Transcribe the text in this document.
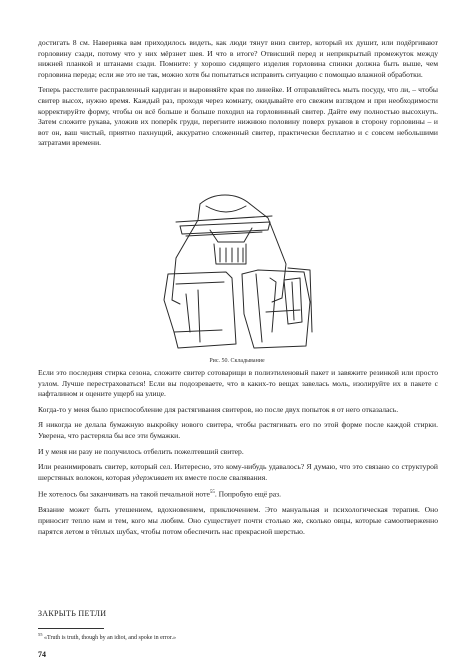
достигать 8 см. Наверняка вам приходилось видеть, как люди тянут вниз свитер, который их душит, или подёргивают горловину сзади, потому что у них мёрзнет шея. И что в итоге? Отвисший перед и неприкрытый промежуток между нижней планкой и штанами сзади. Помните: у хорошо сидящего изделия горловина спинки должна быть выше, чем горловина переда; если же это не так, можно хотя бы попытаться исправить ситуацию с помощью влажной обработки.

Теперь расстелите расправленный кардиган и выровняйте края по линейке. И отправляйтесь мыть посуду, что ли, – чтобы свитер высох, нужно время. Каждый раз, проходя через комнату, окидывайте его свежим взглядом и при необходимости корректируйте форму, чтобы он всё больше и больше походил на горловинный свитер. Дайте ему полностью высохнуть. Затем сложите рукава, уложив их поперёк груди, перегните нижнюю половину поверх рукавов в сторону горловины – и вот он, ваш чистый, приятно пахнущий, аккуратно сложенный свитер, практически бесплатно и с совсем небольшими затратами времени.

Рис. 50. Складывание

Если это последняя стирка сезона, сложите свитер сотоварищи в полиэтиленовый пакет и завяжите резинкой или просто узлом. Лучше перестраховаться! Если вы подозреваете, что в каких-то вещах завелась моль, изолируйте их в пакете с нафталином и оцените ущерб на улице.

Когда-то у меня было приспособление для растягивания свитеров, но после двух попыток я от него отказалась.

Я никогда не делала бумажную выкройку нового свитера, чтобы растягивать его по этой форме после каждой стирки. Уверена, что растеряла бы все эти бумажки.

И у меня ни разу не получилось отбелить пожелтевший свитер.

Или реанимировать свитер, который сел. Интересно, это кому-нибудь удавалось? Я думаю, что это связано со структурой шерстяных волокон, которая удерживает их вместе после свалявания.

Не хотелось бы заканчивать на такой печальной ноте$^{55}$. Попробую ещё раз.

Вязание может быть утешением, вдохновением, приключением. Это мануальная и психологическая терапия. Оно приносит тепло нам и тем, кого мы любим. Оно существует почти столько же, сколько овцы, которые самоотверженно парятся летом в тёплых шубах, чтобы потом обеспечить нас прекрасной шерстью.

ЗАКРЫТЬ ПЕТЛИ
$^{55}$ «Truth is truth, though by an idiot, and spoke in error.»
74
